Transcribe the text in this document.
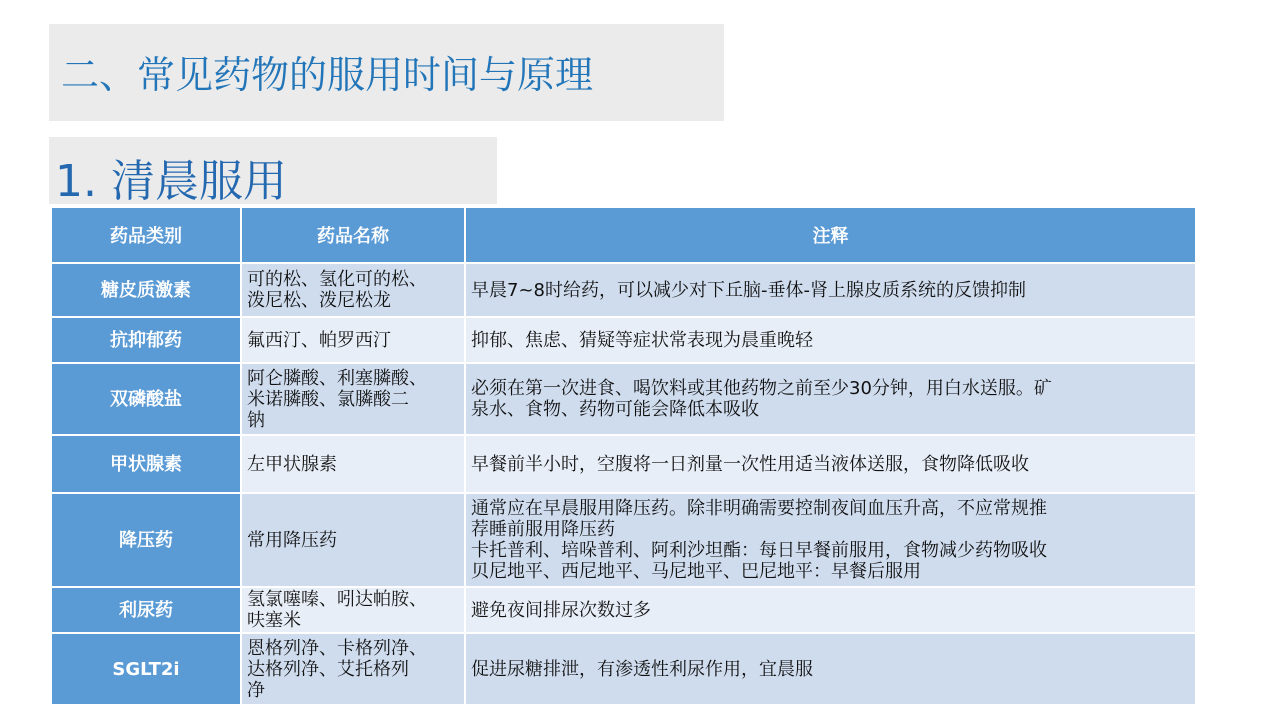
二、常见药物的服用时间与原理
1. 清晨服用
药品类别	药品名称	注释
糖皮质激素	可的松、氢化可的松、
泼尼松、泼尼松龙	早晨7~8时给药，可以减少对下丘脑-垂体-肾上腺皮质系统的反馈抑制
抗抑郁药	氟西汀、帕罗西汀	抑郁、焦虑、猜疑等症状常表现为晨重晚轻
双磷酸盐	阿仑膦酸、利塞膦酸、
米诺膦酸、氯膦酸二
钠	必须在第一次进食、喝饮料或其他药物之前至少30分钟，用白水送服。矿
泉水、食物、药物可能会降低本吸收
甲状腺素	左甲状腺素	早餐前半小时，空腹将一日剂量一次性用适当液体送服，食物降低吸收
降压药	常用降压药	通常应在早晨服用降压药。除非明确需要控制夜间血压升高，不应常规推
荐睡前服用降压药
卡托普利、培哚普利、阿利沙坦酯：每日早餐前服用，食物减少药物吸收
贝尼地平、西尼地平、马尼地平、巴尼地平：早餐后服用
利尿药	氢氯噻嗪、吲达帕胺、
呋塞米	避免夜间排尿次数过多
SGLT2i	恩格列净、卡格列净、
达格列净、艾托格列
净	促进尿糖排泄，有渗透性利尿作用，宜晨服
